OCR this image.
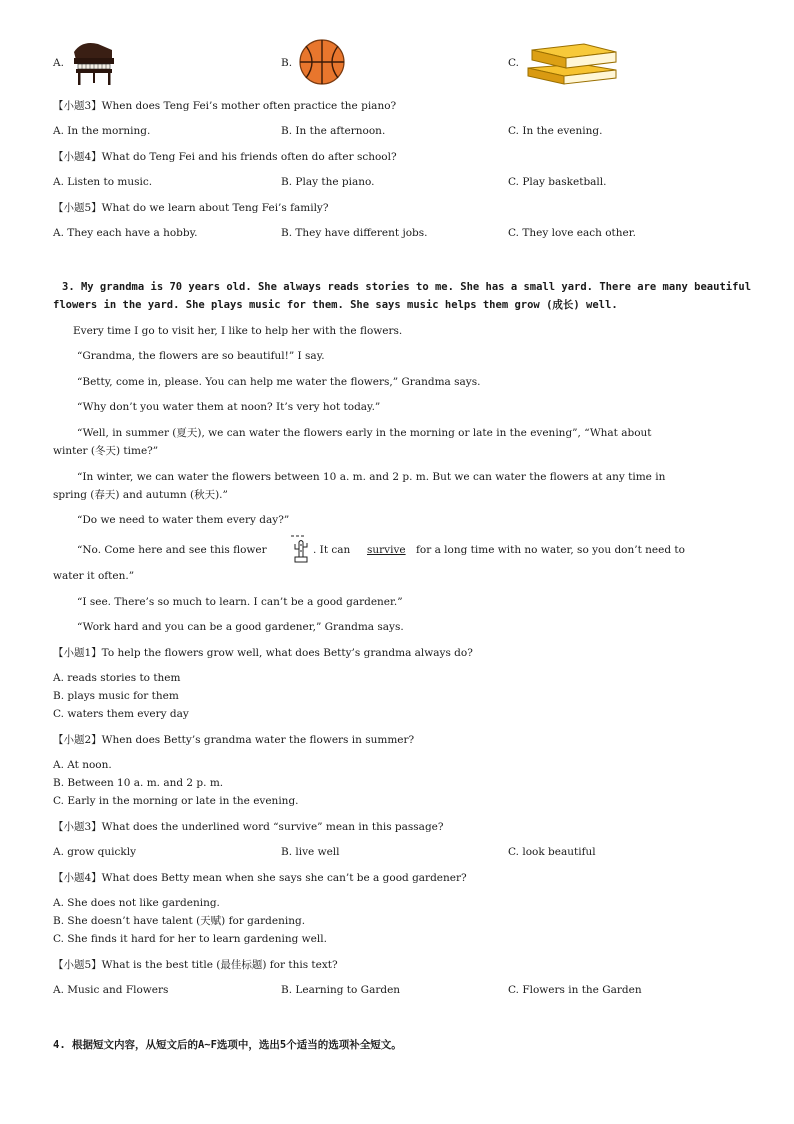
A.	B.	C.
【小题3】When does Teng Fei’s mother often practice the piano?
A. In the morning.	B. In the afternoon.	C. In the evening.
【小题4】What do Teng Fei and his friends often do after school?
A. Listen to music.	B. Play the piano.	C. Play basketball.
【小题5】What do we learn about Teng Fei’s family?
A. They each have a hobby.	B. They have different jobs.	C. They love each other.
3. My grandma is 70 years old. She always reads stories to me. She has a small yard. There are many beautiful
flowers in the yard. She plays music for them. She says music helps them grow (成长) well.
Every time I go to visit her, I like to help her with the flowers.
“Grandma, the flowers are so beautiful!” I say.
“Betty, come in, please. You can help me water the flowers,” Grandma says.
“Why don’t you water them at noon? It’s very hot today.”
“Well, in summer (夏天), we can water the flowers early in the morning or late in the evening”, “What about
winter (冬天) time?”
“In winter, we can water the flowers between 10 a. m. and 2 p. m. But we can water the flowers at any time in
spring (春天) and autumn (秋天).”
“Do we need to water them every day?”
“No. Come here and see this flower	. It can survive for a long time with no water, so you don’t need to
water it often.”
“I see. There’s so much to learn. I can’t be a good gardener.”
“Work hard and you can be a good gardener,” Grandma says.
【小题1】To help the flowers grow well, what does Betty’s grandma always do?
A. reads stories to them
B. plays music for them
C. waters them every day
【小题2】When does Betty’s grandma water the flowers in summer?
A. At noon.
B. Between 10 a. m. and 2 p. m.
C. Early in the morning or late in the evening.
【小题3】What does the underlined word “survive” mean in this passage?
A. grow quickly	B. live well	C. look beautiful
【小题4】What does Betty mean when she says she can’t be a good gardener?
A. She does not like gardening.
B. She doesn’t have talent (天赋) for gardening.
C. She finds it hard for her to learn gardening well.
【小题5】What is the best title (最佳标题) for this text?
A. Music and Flowers	B. Learning to Garden	C. Flowers in the Garden
4. 根据短文内容，从短文后的A~F选项中，选出5个适当的选项补全短文。
